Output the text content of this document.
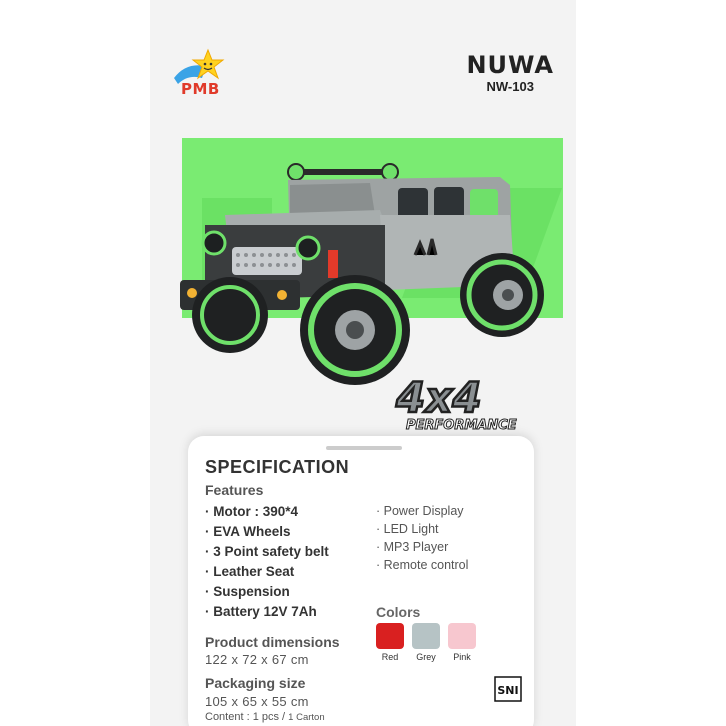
PMB
NUWA
NW-103
4x4
PERFORMANCE
SPECIFICATION
Features
· Motor : 390*4
· EVA Wheels
· 3 Point safety belt
· Leather Seat
· Suspension
· Battery 12V 7Ah
· Power Display
· LED Light
· MP3 Player
· Remote control
Colors
Red	Grey	Pink
Product dimensions
122 x 72 x 67 cm
Packaging size
105 x 65 x 55 cm
Content : 1 pcs / 1 Carton
SNI
